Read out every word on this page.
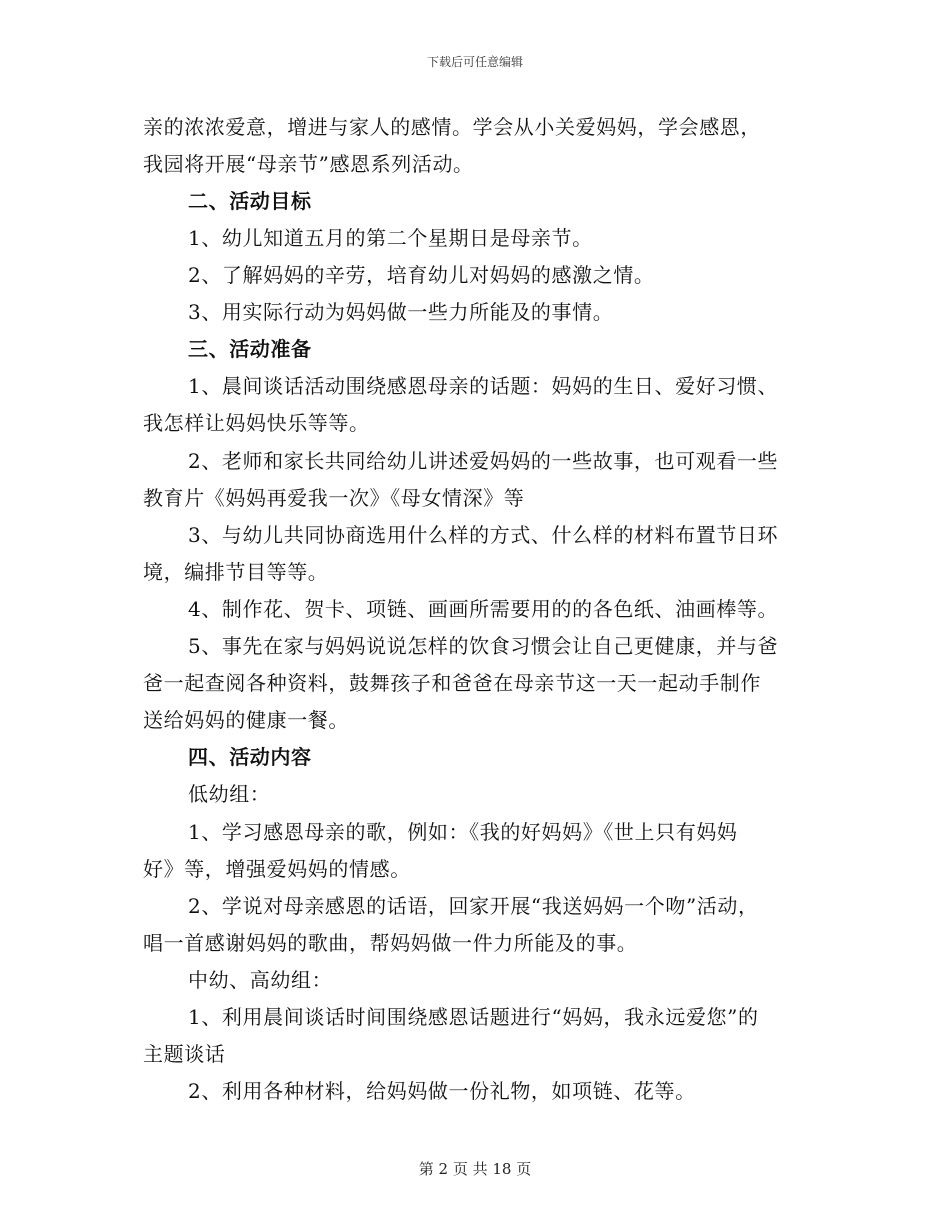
下载后可任意编辑
亲的浓浓爱意，增进与家人的感情。学会从小关爱妈妈，学会感恩，
我园将开展“母亲节”感恩系列活动。
二、活动目标
1、幼儿知道五月的第二个星期日是母亲节。
2、了解妈妈的辛劳，培育幼儿对妈妈的感激之情。
3、用实际行动为妈妈做一些力所能及的事情。
三、活动准备
1、晨间谈话活动围绕感恩母亲的话题：妈妈的生日、爱好习惯、
我怎样让妈妈快乐等等。
2、老师和家长共同给幼儿讲述爱妈妈的一些故事，也可观看一些
教育片《妈妈再爱我一次》《母女情深》等
3、与幼儿共同协商选用什么样的方式、什么样的材料布置节日环
境，编排节目等等。
4、制作花、贺卡、项链、画画所需要用的的各色纸、油画棒等。
5、事先在家与妈妈说说怎样的饮食习惯会让自己更健康，并与爸
爸一起查阅各种资料，鼓舞孩子和爸爸在母亲节这一天一起动手制作
送给妈妈的健康一餐。
四、活动内容
低幼组：
1、学习感恩母亲的歌，例如：《我的好妈妈》《世上只有妈妈
好》等，增强爱妈妈的情感。
2、学说对母亲感恩的话语，回家开展“我送妈妈一个吻”活动，
唱一首感谢妈妈的歌曲，帮妈妈做一件力所能及的事。
中幼、高幼组：
1、利用晨间谈话时间围绕感恩话题进行“妈妈，我永远爱您”的
主题谈话
2、利用各种材料，给妈妈做一份礼物，如项链、花等。
第 2 页 共 18 页
